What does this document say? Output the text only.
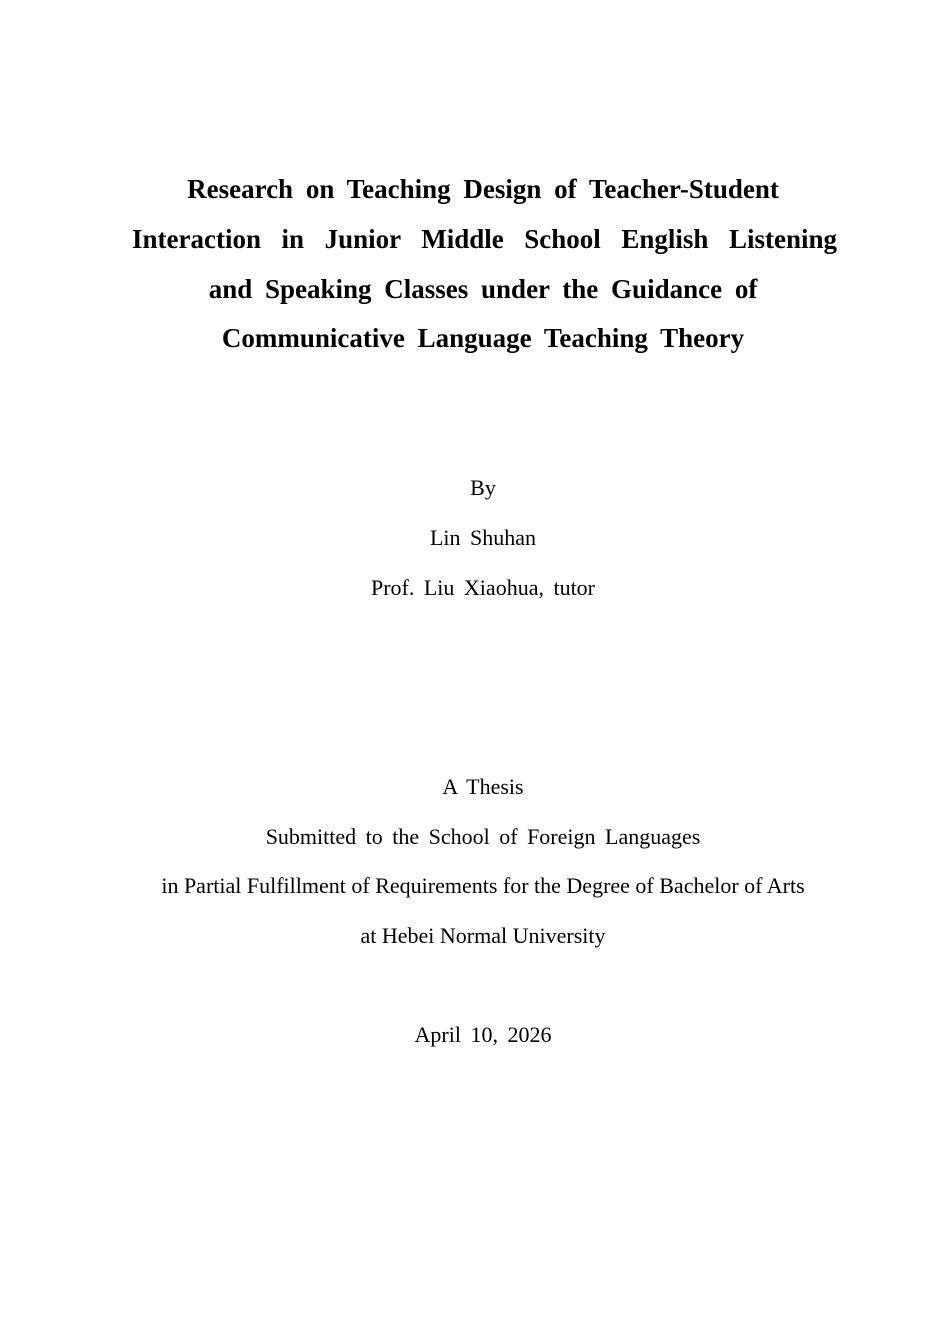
Research on Teaching Design of Teacher-Student
Interaction in Junior Middle School English Listening
and Speaking Classes under the Guidance of
Communicative Language Teaching Theory
By
Lin Shuhan
Prof. Liu Xiaohua, tutor
A Thesis
Submitted to the School of Foreign Languages
in Partial Fulfillment of Requirements for the Degree of Bachelor of Arts
at Hebei Normal University
April 10, 2026
